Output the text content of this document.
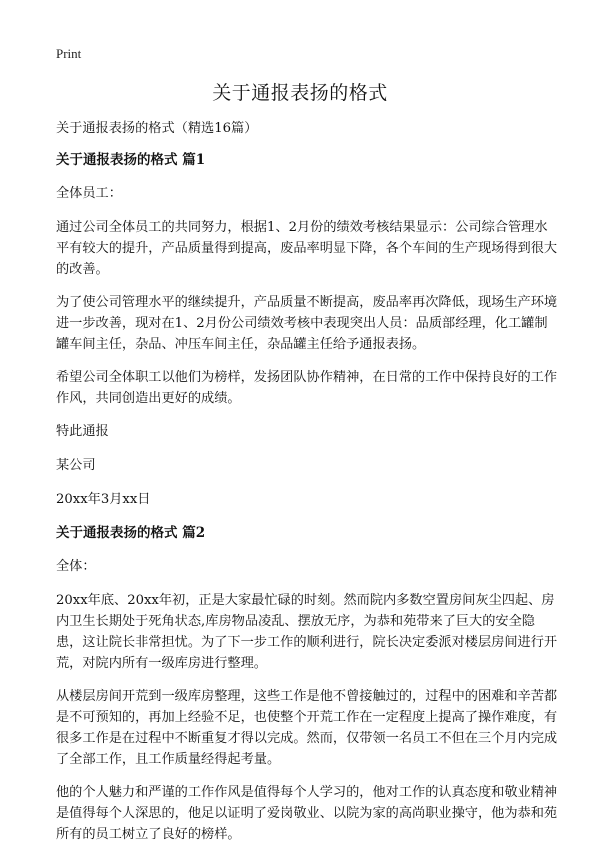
Print
关于通报表扬的格式

关于通报表扬的格式（精选16篇）

关于通报表扬的格式 篇1

全体员工：

通过公司全体员工的共同努力，根据1、2月份的绩效考核结果显示：公司综合管理水平有较大的提升，产品质量得到提高，废品率明显下降，各个车间的生产现场得到很大的改善。

为了使公司管理水平的继续提升，产品质量不断提高，废品率再次降低，现场生产环境进一步改善，现对在1、2月份公司绩效考核中表现突出人员：品质部经理，化工罐制罐车间主任，杂品、冲压车间主任，杂品罐主任给予通报表扬。

希望公司全体职工以他们为榜样，发扬团队协作精神，在日常的工作中保持良好的工作作风，共同创造出更好的成绩。

特此通报

某公司

20xx年3月xx日

关于通报表扬的格式 篇2

全体：

20xx年底、20xx年初，正是大家最忙碌的时刻。然而院内多数空置房间灰尘四起、房内卫生长期处于死角状态,库房物品凌乱、摆放无序，为恭和苑带来了巨大的安全隐患，这让院长非常担忧。为了下一步工作的顺利进行，院长决定委派对楼层房间进行开荒，对院内所有一级库房进行整理。

从楼层房间开荒到一级库房整理，这些工作是他不曾接触过的，过程中的困难和辛苦都是不可预知的，再加上经验不足，也使整个开荒工作在一定程度上提高了操作难度，有很多工作是在过程中不断重复才得以完成。然而，仅带领一名员工不但在三个月内完成了全部工作，且工作质量经得起考量。

他的个人魅力和严谨的工作作风是值得每个人学习的，他对工作的认真态度和敬业精神是值得每个人深思的，他足以证明了爱岗敬业、以院为家的高尚职业操守，他为恭和苑所有的员工树立了良好的榜样。
